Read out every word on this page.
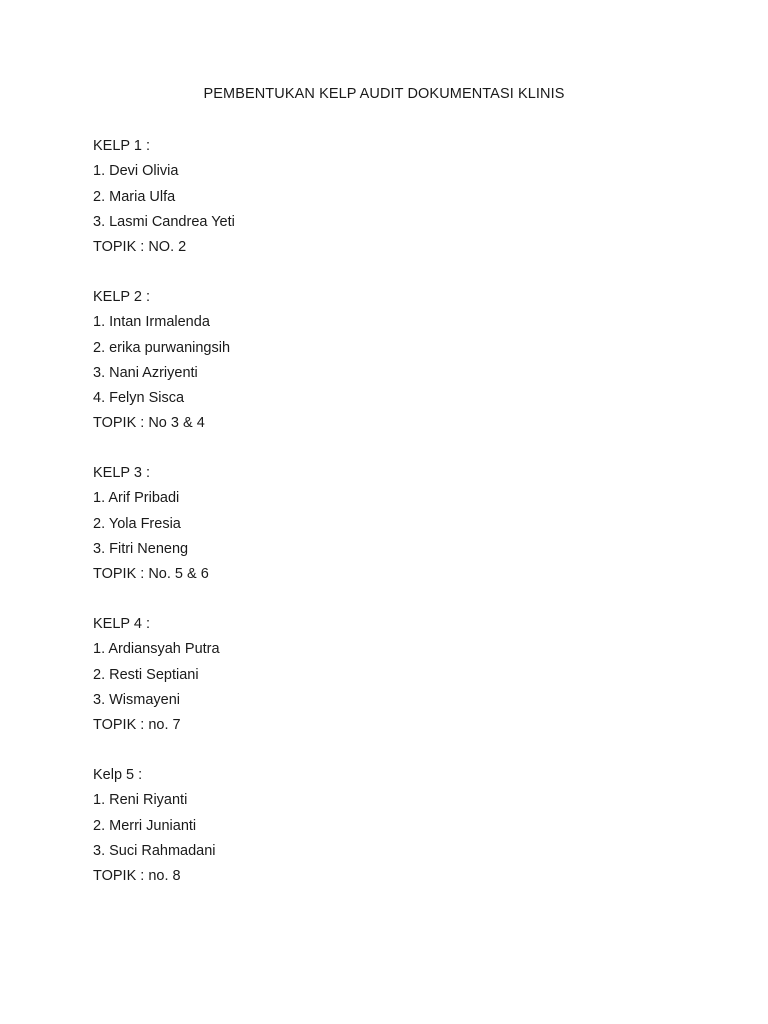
PEMBENTUKAN KELP AUDIT DOKUMENTASI KLINIS
KELP 1 :
1. Devi Olivia
2. Maria Ulfa
3. Lasmi Candrea Yeti
TOPIK : NO. 2
KELP 2 :
1. Intan Irmalenda
2. erika purwaningsih
3. Nani Azriyenti
4. Felyn Sisca
TOPIK : No 3 & 4
KELP 3 :
1. Arif Pribadi
2. Yola Fresia
3. Fitri Neneng
TOPIK : No. 5 & 6
KELP 4 :
1. Ardiansyah Putra
2. Resti Septiani
3. Wismayeni
TOPIK : no. 7
Kelp 5 :
1. Reni Riyanti
2. Merri Junianti
3. Suci Rahmadani
TOPIK : no. 8
